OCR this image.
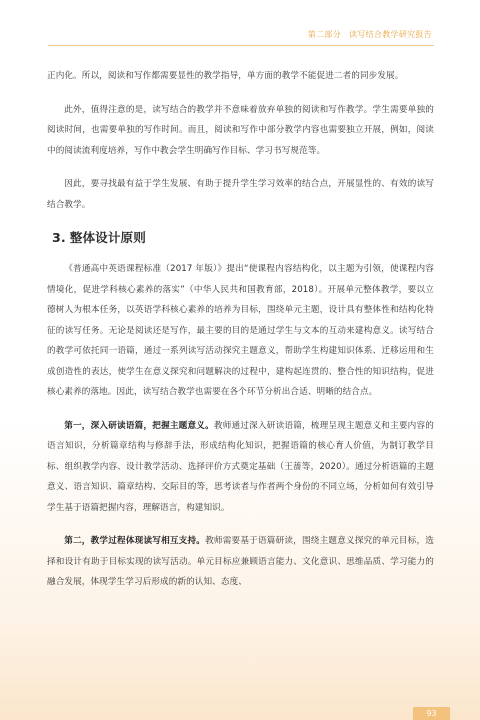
第二部分 读写结合教学研究报告

正内化。所以，阅读和写作都需要显性的教学指导，单方面的教学不能促进二者的同步发展。

此外，值得注意的是，读写结合的教学并不意味着放弃单独的阅读和写作教学。学生需要单独的阅读时间，也需要单独的写作时间。而且，阅读和写作中部分教学内容也需要独立开展，例如，阅读中的阅读流利度培养，写作中教会学生明确写作目标、学习书写规范等。

因此，要寻找最有益于学生发展、有助于提升学生学习效率的结合点，开展显性的、有效的读写结合教学。

3. 整体设计原则

《普通高中英语课程标准（2017 年版）》提出“使课程内容结构化，以主题为引领，使课程内容情境化，促进学科核心素养的落实”（中华人民共和国教育部，2018）。开展单元整体教学，要以立德树人为根本任务，以英语学科核心素养的培养为目标，围绕单元主题，设计具有整体性和结构化特征的读写任务。无论是阅读还是写作，最主要的目的是通过学生与文本的互动来建构意义。读写结合的教学可依托同一语篇，通过一系列读写活动探究主题意义，帮助学生构建知识体系、迁移运用和生成创造性的表达，使学生在意义探究和问题解决的过程中，建构起连贯的、整合性的知识结构，促进核心素养的落地。因此，读写结合教学也需要在各个环节分析出合适、明晰的结合点。

第一，深入研读语篇，把握主题意义。教师通过深入研读语篇，梳理呈现主题意义和主要内容的语言知识，分析篇章结构与修辞手法，形成结构化知识，把握语篇的核心育人价值，为制订教学目标、组织教学内容、设计教学活动、选择评价方式奠定基础（王蔷等，2020）。通过分析语篇的主题意义、语言知识、篇章结构、交际目的等，思考读者与作者两个身份的不同立场，分析如何有效引导学生基于语篇把握内容，理解语言，构建知识。

第二，教学过程体现读写相互支持。教师需要基于语篇研读，围绕主题意义探究的单元目标，选择和设计有助于目标实现的读写活动。单元目标应兼顾语言能力、文化意识、思维品质、学习能力的融合发展，体现学生学习后形成的新的认知、态度、

93
